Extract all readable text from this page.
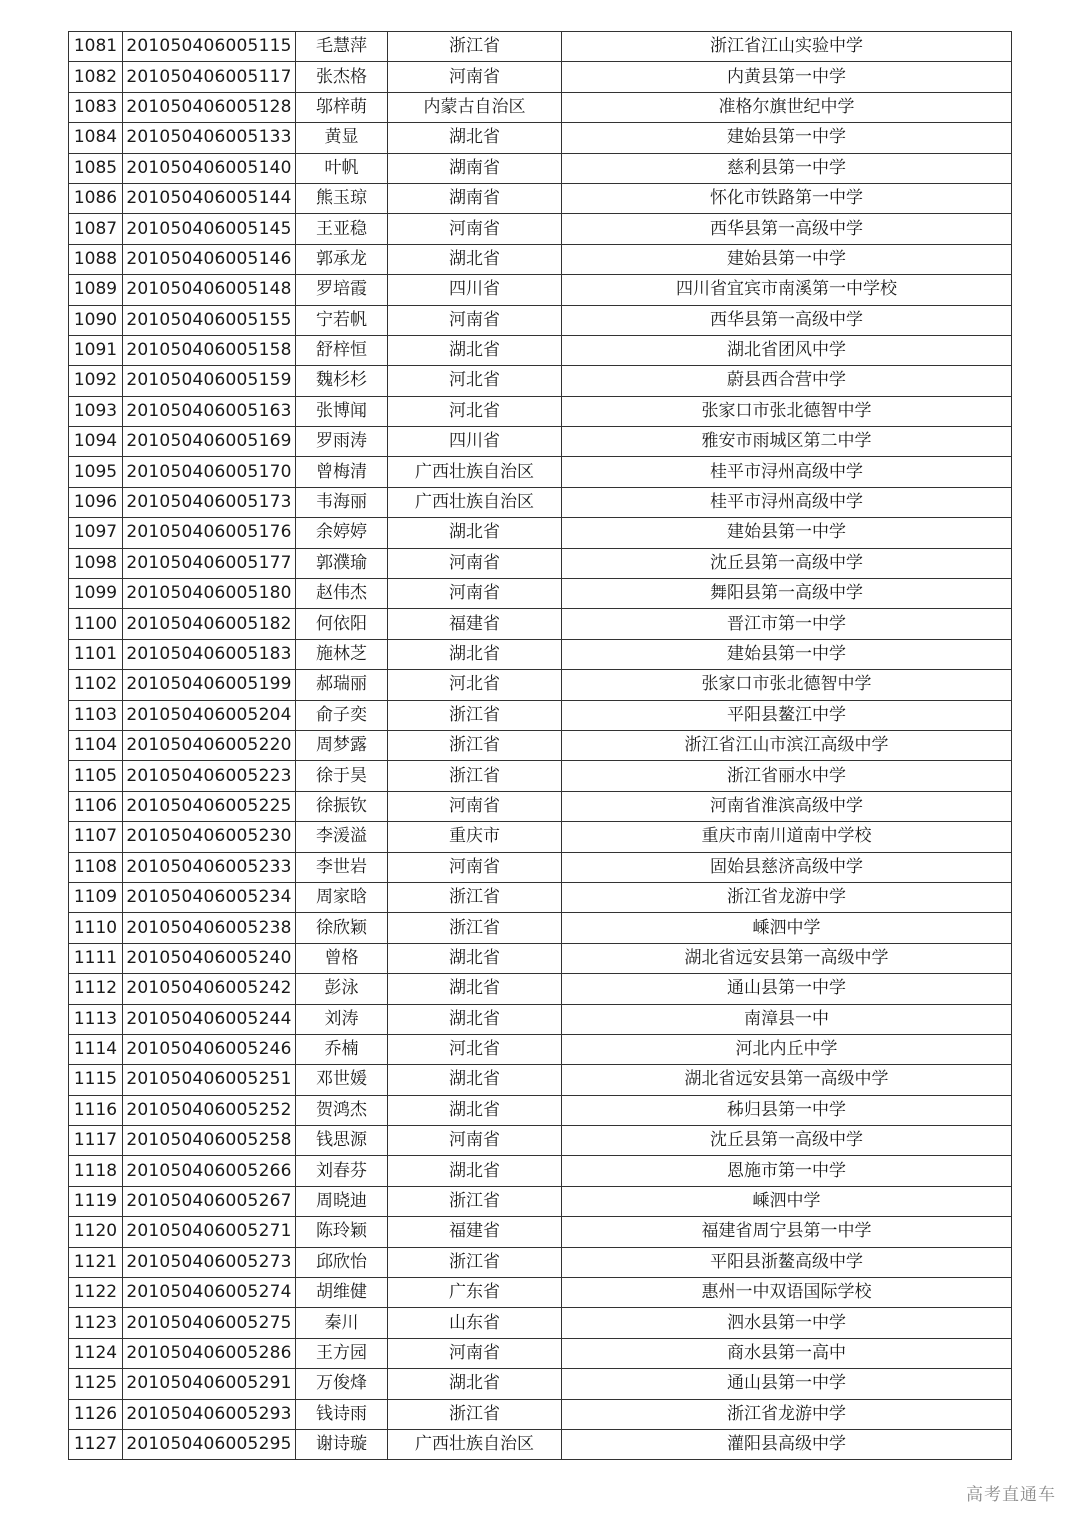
1081	201050406005115	毛慧萍	浙江省	浙江省江山实验中学
1082	201050406005117	张杰格	河南省	内黄县第一中学
1083	201050406005128	邬梓萌	内蒙古自治区	准格尔旗世纪中学
1084	201050406005133	黄显	湖北省	建始县第一中学
1085	201050406005140	叶帆	湖南省	慈利县第一中学
1086	201050406005144	熊玉琼	湖南省	怀化市铁路第一中学
1087	201050406005145	王亚稳	河南省	西华县第一高级中学
1088	201050406005146	郭承龙	湖北省	建始县第一中学
1089	201050406005148	罗培霞	四川省	四川省宜宾市南溪第一中学校
1090	201050406005155	宁若帆	河南省	西华县第一高级中学
1091	201050406005158	舒梓恒	湖北省	湖北省团风中学
1092	201050406005159	魏杉杉	河北省	蔚县西合营中学
1093	201050406005163	张博闻	河北省	张家口市张北德智中学
1094	201050406005169	罗雨涛	四川省	雅安市雨城区第二中学
1095	201050406005170	曾梅清	广西壮族自治区	桂平市浔州高级中学
1096	201050406005173	韦海丽	广西壮族自治区	桂平市浔州高级中学
1097	201050406005176	余婷婷	湖北省	建始县第一中学
1098	201050406005177	郭濮瑜	河南省	沈丘县第一高级中学
1099	201050406005180	赵伟杰	河南省	舞阳县第一高级中学
1100	201050406005182	何依阳	福建省	晋江市第一中学
1101	201050406005183	施林芝	湖北省	建始县第一中学
1102	201050406005199	郝瑞丽	河北省	张家口市张北德智中学
1103	201050406005204	俞子奕	浙江省	平阳县鳌江中学
1104	201050406005220	周梦露	浙江省	浙江省江山市滨江高级中学
1105	201050406005223	徐于昊	浙江省	浙江省丽水中学
1106	201050406005225	徐振钦	河南省	河南省淮滨高级中学
1107	201050406005230	李湲溢	重庆市	重庆市南川道南中学校
1108	201050406005233	李世岩	河南省	固始县慈济高级中学
1109	201050406005234	周家晗	浙江省	浙江省龙游中学
1110	201050406005238	徐欣颖	浙江省	嵊泗中学
1111	201050406005240	曾格	湖北省	湖北省远安县第一高级中学
1112	201050406005242	彭泳	湖北省	通山县第一中学
1113	201050406005244	刘涛	湖北省	南漳县一中
1114	201050406005246	乔楠	河北省	河北内丘中学
1115	201050406005251	邓世媛	湖北省	湖北省远安县第一高级中学
1116	201050406005252	贺鸿杰	湖北省	秭归县第一中学
1117	201050406005258	钱思源	河南省	沈丘县第一高级中学
1118	201050406005266	刘春芬	湖北省	恩施市第一中学
1119	201050406005267	周晓迪	浙江省	嵊泗中学
1120	201050406005271	陈玲颖	福建省	福建省周宁县第一中学
1121	201050406005273	邱欣怡	浙江省	平阳县浙鳌高级中学
1122	201050406005274	胡维健	广东省	惠州一中双语国际学校
1123	201050406005275	秦川	山东省	泗水县第一中学
1124	201050406005286	王方园	河南省	商水县第一高中
1125	201050406005291	万俊烽	湖北省	通山县第一中学
1126	201050406005293	钱诗雨	浙江省	浙江省龙游中学
1127	201050406005295	谢诗璇	广西壮族自治区	灌阳县高级中学
高考直通车
